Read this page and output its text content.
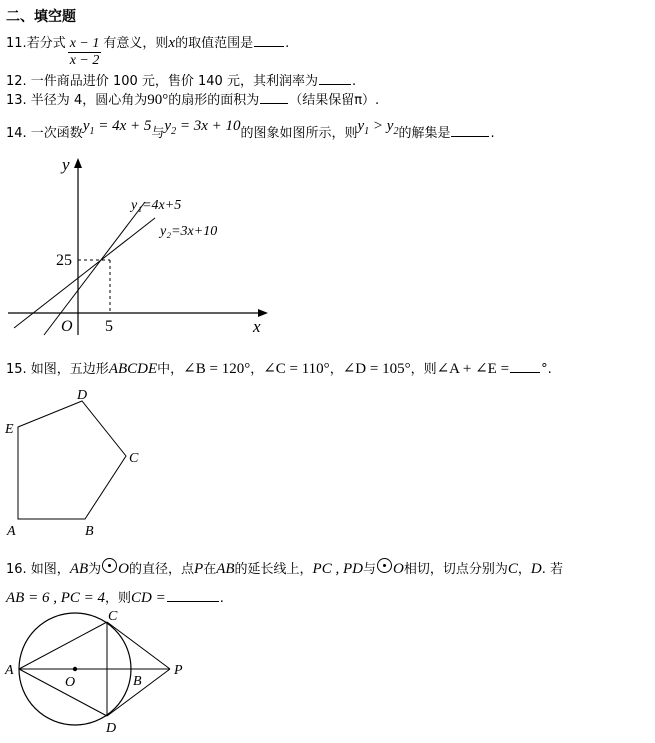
二、填空题
11. 若分式 $\frac{x - 1}{x - 2}$ 有意义，则 x 的取值范围是 .
12. 一件商品进价 100 元，售价 140 元，其利润率为	.
13. 半径为 4，圆心角为 90° 的扇形的面积为 （结果保留π）.
14. 一次函数 $y_1 = 4x + 5$ 与 $y_2 = 3x + 10$ 的图象如图所示，则 $y_1 > y_2$ 的解集是	.
y
x
O
25
5
y₁=4x+5
y₂=3x+10
15. 如图，五边形 ABCDE 中， ∠B = 120° ， ∠C = 110° ， ∠D = 105° ，则 ∠A + ∠E = °.
A	B
C
D
E
16. 如图， AB 为 O 的直径，点 P 在 AB 的延长线上， PC , PD 与 O 相切，切点分别为 C ， D . 若
AB = 6 , PC = 4 ，则 CD =	.
A
O	B
P
C
D
